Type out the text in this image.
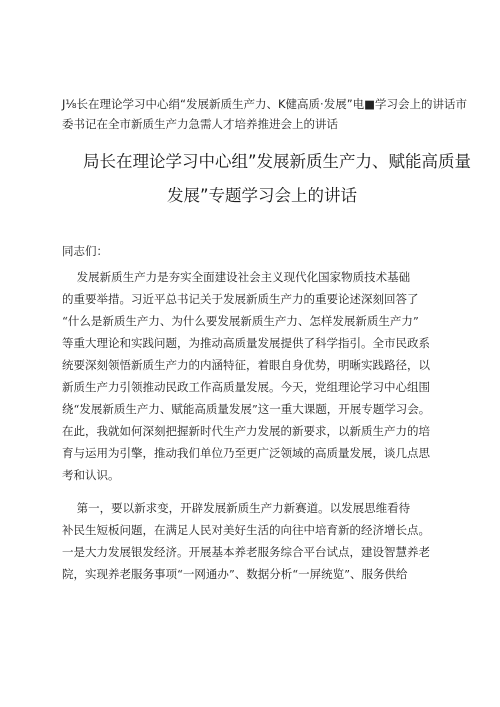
J⅛长在理论学习中心绢“发展新质生产力、K健高质·发展”电■学习会上的讲话市
委书记在全市新质生产力急需人才培养推进会上的讲话
局长在理论学习中心组”发展新质生产力、赋能高质量
发展”专题学习会上的讲话
同志们：
发展新质生产力是夯实全面建设社会主义现代化国家物质技术基础
的重要举措。习近平总书记关于发展新质生产力的重要论述深刻回答了
“什么是新质生产力、为什么要发展新质生产力、怎样发展新质生产力”
等重大理论和实践问题，为推动高质量发展提供了科学指引。全市民政系
统要深刻领悟新质生产力的内涵特征，着眼自身优势，明晰实践路径，以
新质生产力引领推动民政工作高质量发展。今天，党组理论学习中心组围
绕“发展新质生产力、赋能高质量发展”这一重大课题，开展专题学习会。
在此，我就如何深刻把握新时代生产力发展的新要求，以新质生产力的培
育与运用为引擎，推动我们单位乃至更广泛领域的高质量发展，谈几点思
考和认识。
第一，要以新求变，开辟发展新质生产力新赛道。以发展思维看待
补民生短板问题，在满足人民对美好生活的向往中培育新的经济增长点。
一是大力发展银发经济。开展基本养老服务综合平台试点，建设智慧养老
院，实现养老服务事项“一网通办”、数据分析“一屏统览”、服务供给
